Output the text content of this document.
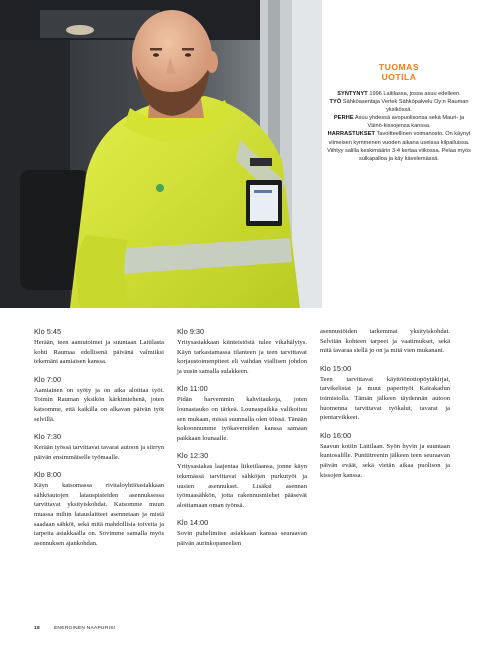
TUOMAS
UOTILA

SYNTYNYT 1996 Laitilassa, jossa asuu edelleen.

TYÖ Sähköasentaja Vertek Sähköpalvelu Oy:n Rauman yksikössä.

PERHE Asuu yhdessä avopuolisonsa sekä Mauri- ja Väinö-kissojensa kanssa.

HARRASTUKSET Tavoitteellinen voimanosto. On käynyt viimeisen kymmenen vuoden aikana useissa kilpailuissa. Viihtyy salilla keskimäärin 3-4 kertaa viikossa. Pelaa myös sulkapalloa ja käy kävelemässä.

Klo 5:45
Herään, teen aamutoimet ja suuntaan Laitilasta kohti Raumaa edellisenä päivänä valmiiksi tekemäni aamiaisen kanssa.
Klo 7:00
Aamiainen on syöty ja on aika aloittaa työt. Toimin Rauman yksikön kärkimiehenä, joten katsomme, että kaikilla on alkavan päivän työt selvillä.
Klo 7:30
Kerään työssä tarvittavat tavarat autoon ja siirryn päivän ensimmäiselle työmaalle.
Klo 8:00
Käyn katsomassa rivitaloyhtiöasiakkaan sähköautojen latauspisteiden asennuksessa tarvittavat yksityiskohdat. Katsomme muun muassa mihin latauslaitteet asennetaan ja mistä saadaan sähköt, sekä mitä mahdollisia toiveita ja tarpeita asiakkaalla on. Sovimme samalla myös asennuksen ajankohdan.
Klo 9:30
Yritysasiakkaan kiinteistöstä tulee vikahälytys. Käyn tarkastamassa tilanteen ja teen tarvittavat korjaustoimenpiteet eli vaihdan viallisen johdon ja uusin samalla sulakkeen.
Klo 11:00
Pidän harvemmin kahvitaukoja, joten lounastauko on tärkeä. Lounaspaikka valikoituu sen mukaan, missä suunnalla olen töissä. Tänään kokoonnumme työkavereiden kanssa samaan paikkaan lounaalle.
Klo 12:30
Yritysasiakas laajentaa liiketilaansa, jonne käyn tekemässä tarvittavat sähköjen purkutyöt ja uusien asennukset. Lisäksi asennan työmaasähkön, jotta rakennusmiehet pääsevät aloittamaan oman työnsä.
Klo 14:00
Sovin puhelimitse asiakkaan kanssa seuraavan päivän aurinkopaneelien
asennustöiden tarkemmat yksityiskohdat. Selvitän kohteen tarpeet ja vaatimukset, sekä mitä tavaraa siellä jo on ja mitä vien mukanani.
Klo 15:00
Teen tarvittavat käyttöönottopöytäkirjat, tarvikelistat ja muut paperityöt Kairakadun toimistolla. Tämän jälkeen täydennän autoon huomenna tarvittavat työkalut, tavarat ja pientarvikkeet.
Klo 16:00
Saavun kotiin Laitilaan. Syön hyvin ja suuntaan kuntosalille. Punttitreenin jälkeen teen seuraavan päivän eväät, sekä vietän aikaa puolison ja kissojen kanssa.
18	ENERGINEN NAAPURISI
